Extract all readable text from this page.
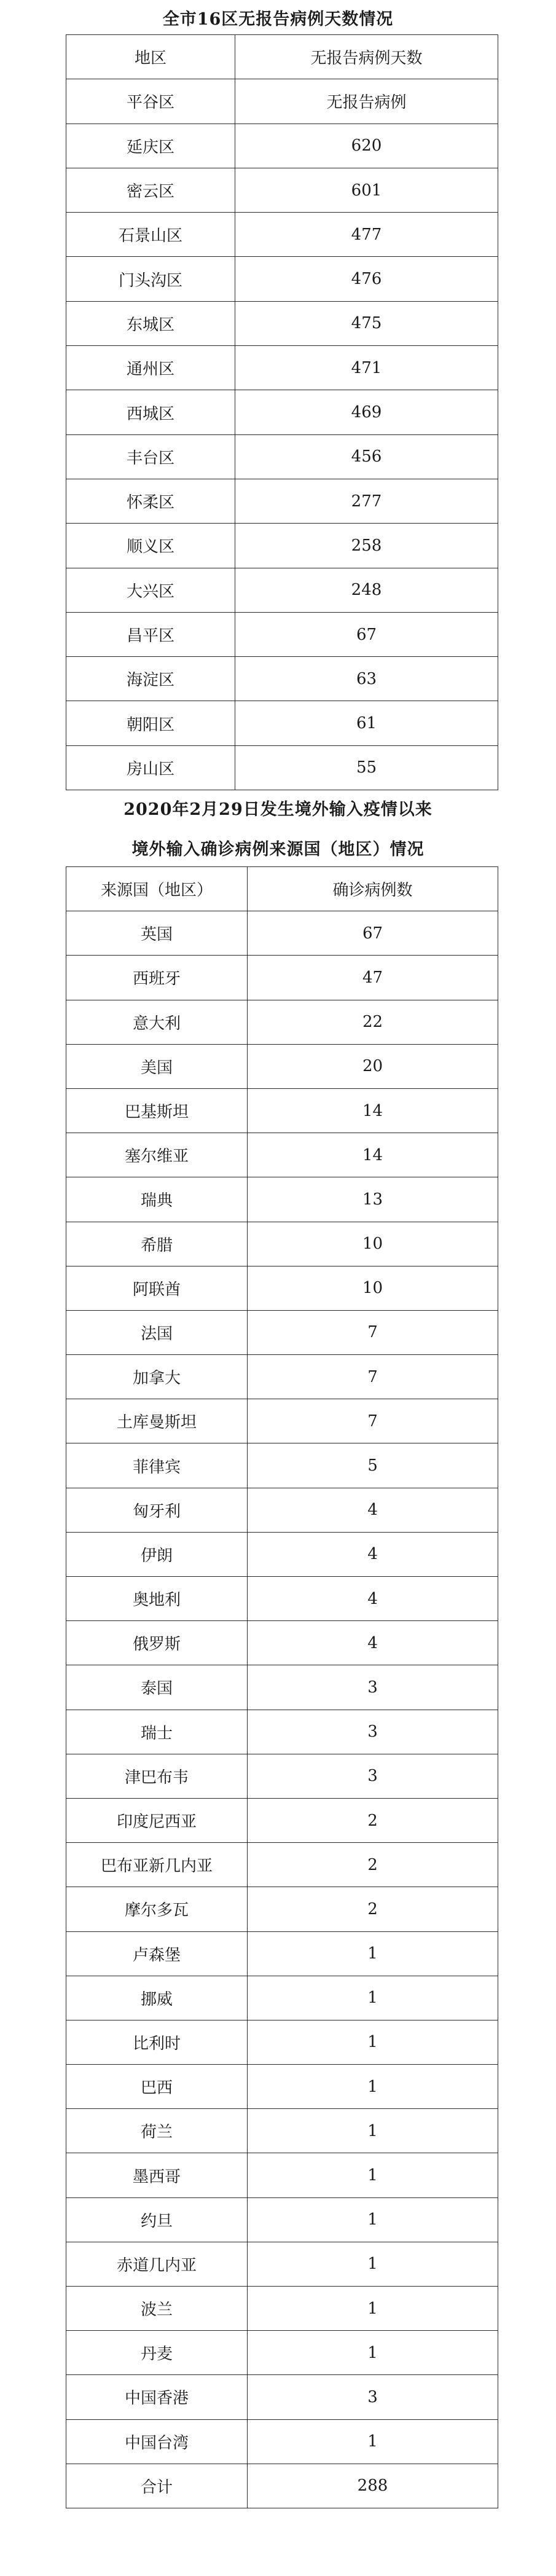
全市16区无报告病例天数情况
地区	无报告病例天数
平谷区	无报告病例
延庆区	620
密云区	601
石景山区	477
门头沟区	476
东城区	475
通州区	471
西城区	469
丰台区	456
怀柔区	277
顺义区	258
大兴区	248
昌平区	67
海淀区	63
朝阳区	61
房山区	55
2020年2月29日发生境外输入疫情以来
境外输入确诊病例来源国（地区）情况
来源国（地区）	确诊病例数
英国	67
西班牙	47
意大利	22
美国	20
巴基斯坦	14
塞尔维亚	14
瑞典	13
希腊	10
阿联酋	10
法国	7
加拿大	7
土库曼斯坦	7
菲律宾	5
匈牙利	4
伊朗	4
奥地利	4
俄罗斯	4
泰国	3
瑞士	3
津巴布韦	3
印度尼西亚	2
巴布亚新几内亚	2
摩尔多瓦	2
卢森堡	1
挪威	1
比利时	1
巴西	1
荷兰	1
墨西哥	1
约旦	1
赤道几内亚	1
波兰	1
丹麦	1
中国香港	3
中国台湾	1
合计	288
